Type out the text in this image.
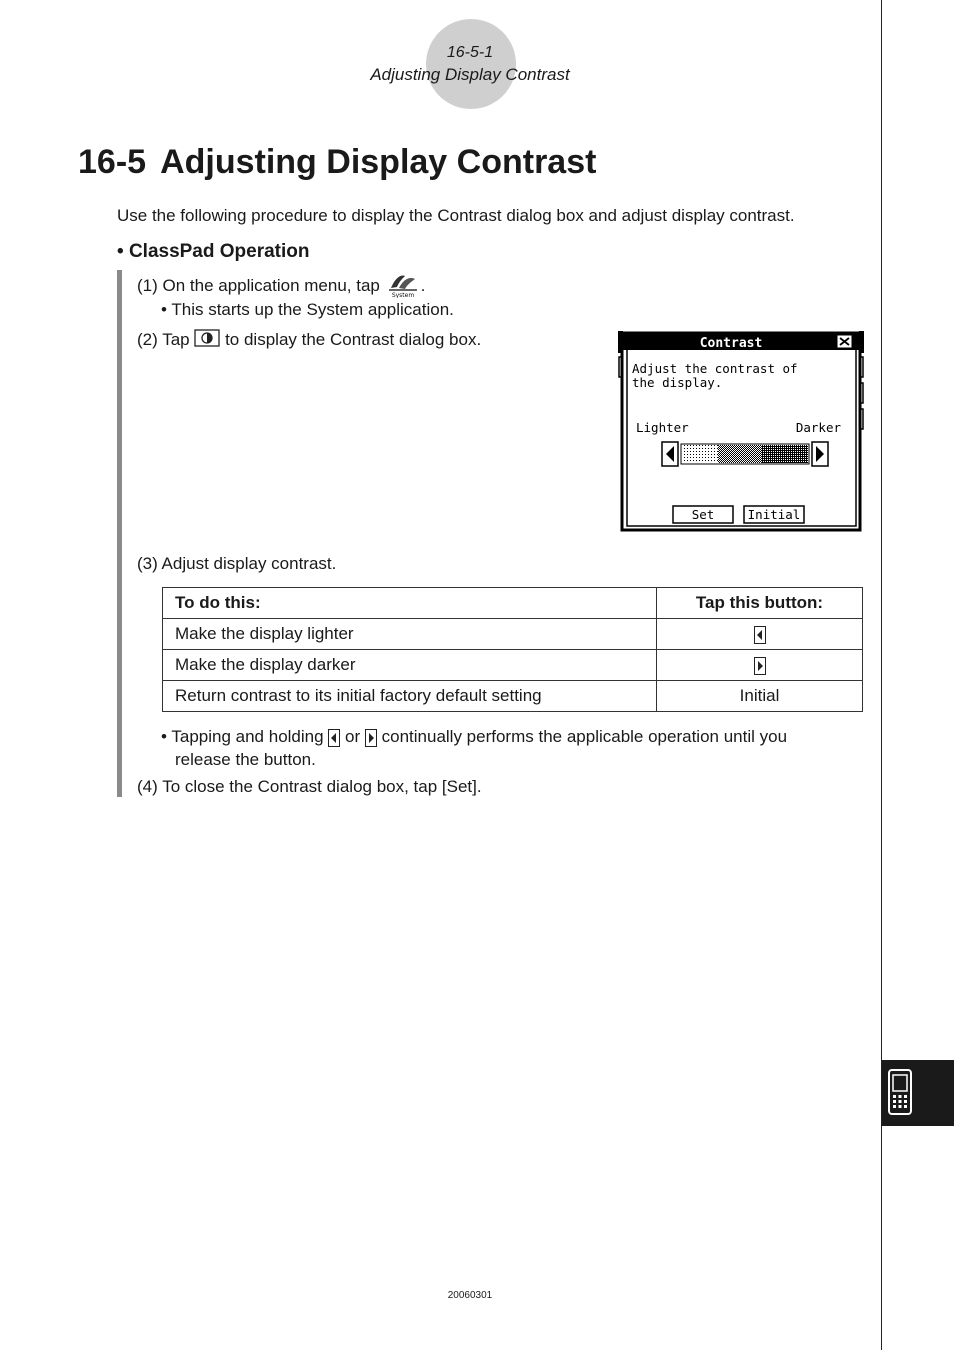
16-5-1
Adjusting Display Contrast
16-5 Adjusting Display Contrast
Use the following procedure to display the Contrast dialog box and adjust display contrast.
• ClassPad Operation
(1) On the application menu, tap
System
.
• This starts up the System application.
(2) Tap to display the Contrast dialog box.	Contrast
Adjust the contrast of
the display.
Lighter	Darker
Set	Initial
(3) Adjust display contrast.
To do this:	Tap this button:
Make the display lighter	
Make the display darker	
Return contrast to its initial factory default setting	Initial
• Tapping and holding or continually performs the applicable operation until you
release the button.
(4) To close the Contrast dialog box, tap [Set].
20060301
